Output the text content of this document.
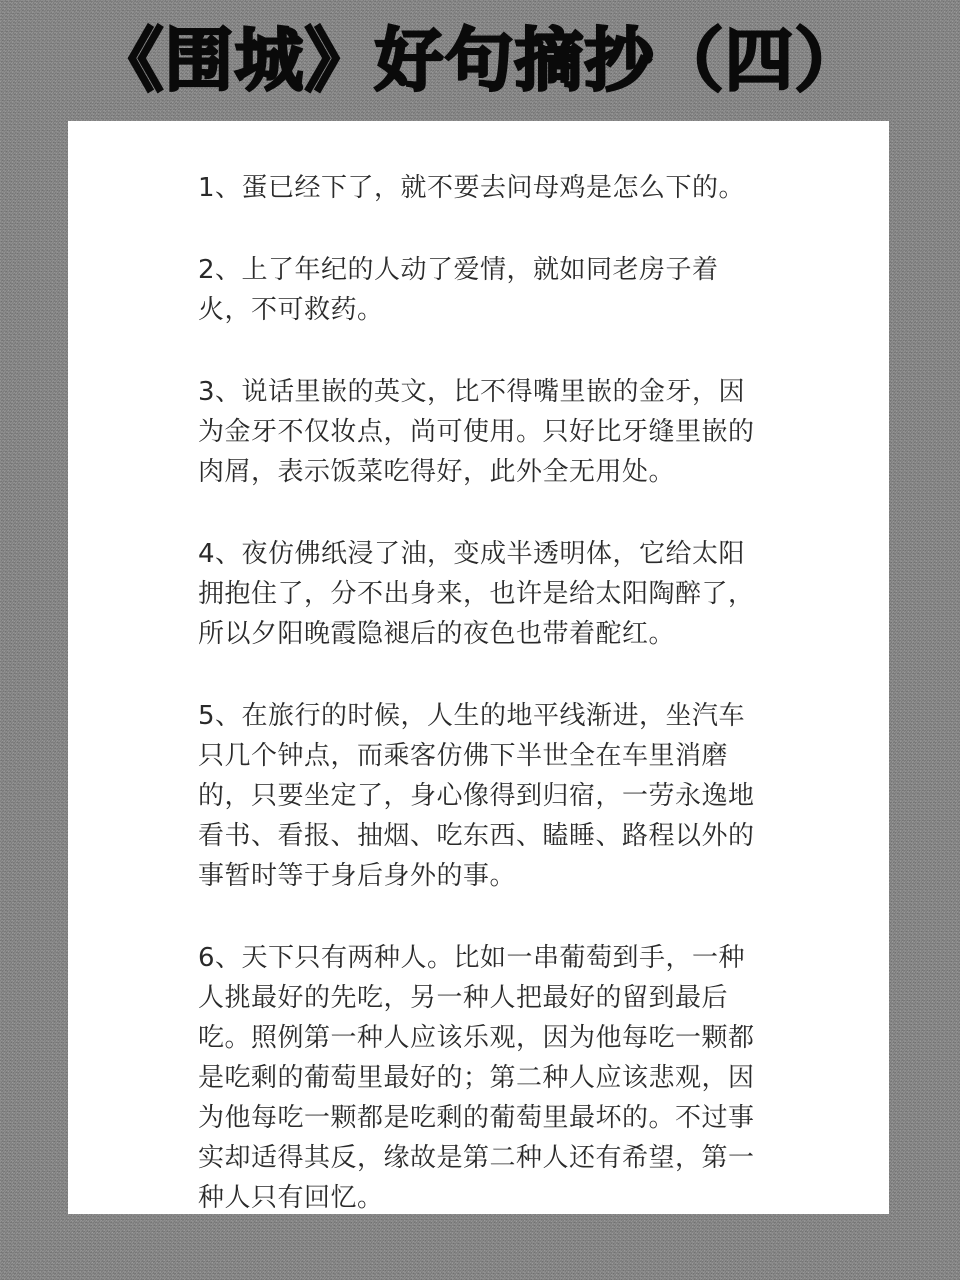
《围城》好句摘抄（四）
1、蛋已经下了，就不要去问母鸡是怎么下的。
2、上了年纪的人动了爱情，就如同老房子着火，不可救药。
3、说话里嵌的英文，比不得嘴里嵌的金牙，因为金牙不仅妆点，尚可使用。只好比牙缝里嵌的肉屑，表示饭菜吃得好，此外全无用处。
4、夜仿佛纸浸了油，变成半透明体，它给太阳拥抱住了，分不出身来，也许是给太阳陶醉了，所以夕阳晚霞隐褪后的夜色也带着酡红。
5、在旅行的时候，人生的地平线渐进，坐汽车只几个钟点，而乘客仿佛下半世全在车里消磨的，只要坐定了，身心像得到归宿，一劳永逸地看书、看报、抽烟、吃东西、瞌睡、路程以外的事暂时等于身后身外的事。
6、天下只有两种人。比如一串葡萄到手，一种人挑最好的先吃，另一种人把最好的留到最后吃。照例第一种人应该乐观，因为他每吃一颗都是吃剩的葡萄里最好的；第二种人应该悲观，因为他每吃一颗都是吃剩的葡萄里最坏的。不过事实却适得其反，缘故是第二种人还有希望，第一种人只有回忆。
